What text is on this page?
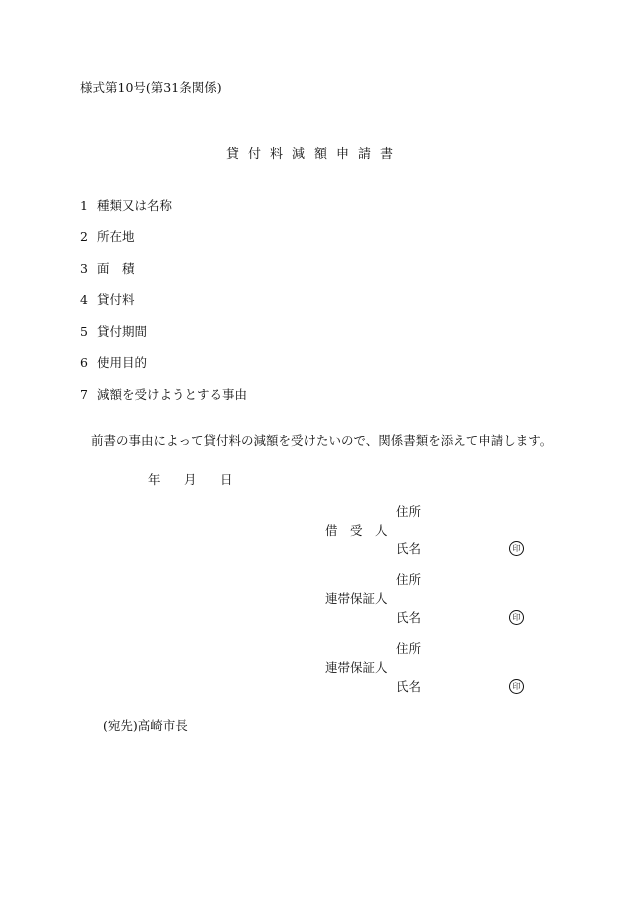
様式第10号(第31条関係)
貸 付 料 減 額 申 請 書
1 種類又は名称
2 所在地
3 面　積
4 貸付料
5 貸付期間
6 使用目的
7 減額を受けようとする事由
前書の事由によって貸付料の減額を受けたいので、関係書類を添えて申請します。
年 月 日
住所
借　受　人
氏名	印
住所
連帯保証人
氏名	印
住所
連帯保証人
氏名	印
(宛先)高崎市長
